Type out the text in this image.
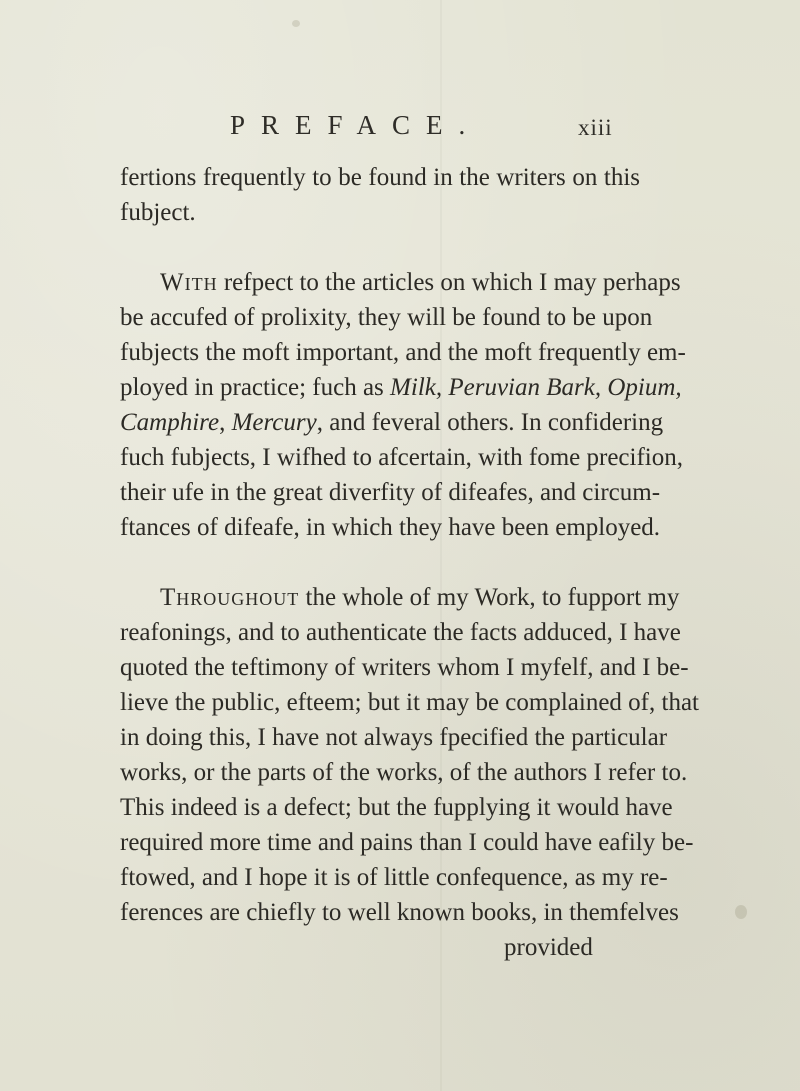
PREFACE.	xiii
fertions frequently to be found in the writers on this
fubject.
With refpect to the articles on which I may perhaps
be accufed of prolixity, they will be found to be upon
fubjects the moft important, and the moft frequently em-
ployed in practice; fuch as Milk, Peruvian Bark, Opium,
Camphire, Mercury, and feveral others. In confidering
fuch fubjects, I wifhed to afcertain, with fome precifion,
their ufe in the great diverfity of difeafes, and circum-
ftances of difeafe, in which they have been employed.
Throughout the whole of my Work, to fupport my
reafonings, and to authenticate the facts adduced, I have
quoted the teftimony of writers whom I myfelf, and I be-
lieve the public, efteem; but it may be complained of, that
in doing this, I have not always fpecified the particular
works, or the parts of the works, of the authors I refer to.
This indeed is a defect; but the fupplying it would have
required more time and pains than I could have eafily be-
ftowed, and I hope it is of little confequence, as my re-
ferences are chiefly to well known books, in themfelves
provided
